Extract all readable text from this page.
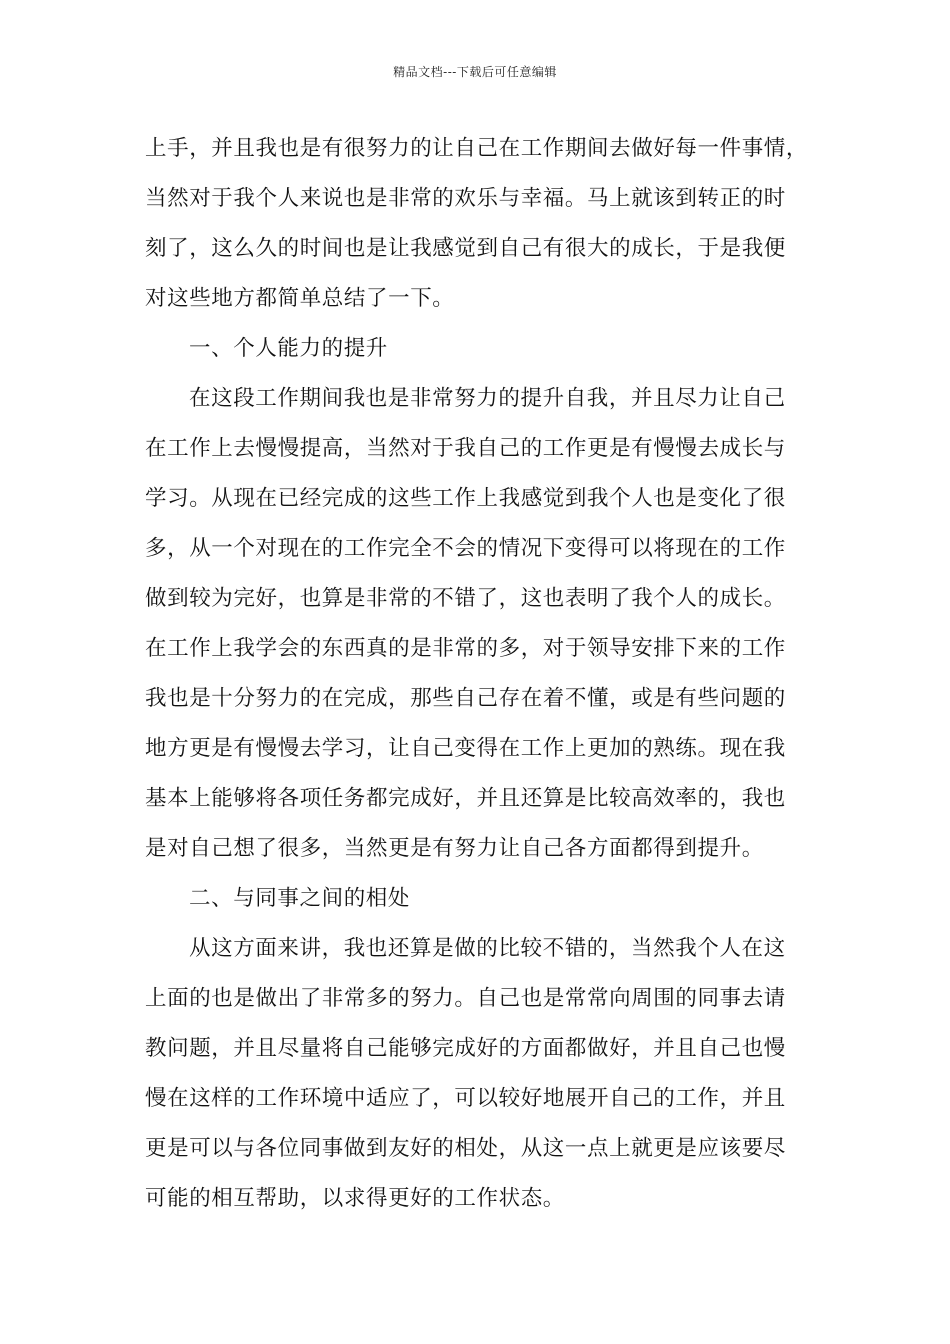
精品文档---下载后可任意编辑
上手，并且我也是有很努力的让自己在工作期间去做好每一件事情，
当然对于我个人来说也是非常的欢乐与幸福。马上就该到转正的时
刻了，这么久的时间也是让我感觉到自己有很大的成长，于是我便
对这些地方都简单总结了一下。
一、个人能力的提升
在这段工作期间我也是非常努力的提升自我，并且尽力让自己
在工作上去慢慢提高，当然对于我自己的工作更是有慢慢去成长与
学习。从现在已经完成的这些工作上我感觉到我个人也是变化了很
多，从一个对现在的工作完全不会的情况下变得可以将现在的工作
做到较为完好，也算是非常的不错了，这也表明了我个人的成长。
在工作上我学会的东西真的是非常的多，对于领导安排下来的工作
我也是十分努力的在完成，那些自己存在着不懂，或是有些问题的
地方更是有慢慢去学习，让自己变得在工作上更加的熟练。现在我
基本上能够将各项任务都完成好，并且还算是比较高效率的，我也
是对自己想了很多，当然更是有努力让自己各方面都得到提升。
二、与同事之间的相处
从这方面来讲，我也还算是做的比较不错的，当然我个人在这
上面的也是做出了非常多的努力。自己也是常常向周围的同事去请
教问题，并且尽量将自己能够完成好的方面都做好，并且自己也慢
慢在这样的工作环境中适应了，可以较好地展开自己的工作，并且
更是可以与各位同事做到友好的相处，从这一点上就更是应该要尽
可能的相互帮助，以求得更好的工作状态。
